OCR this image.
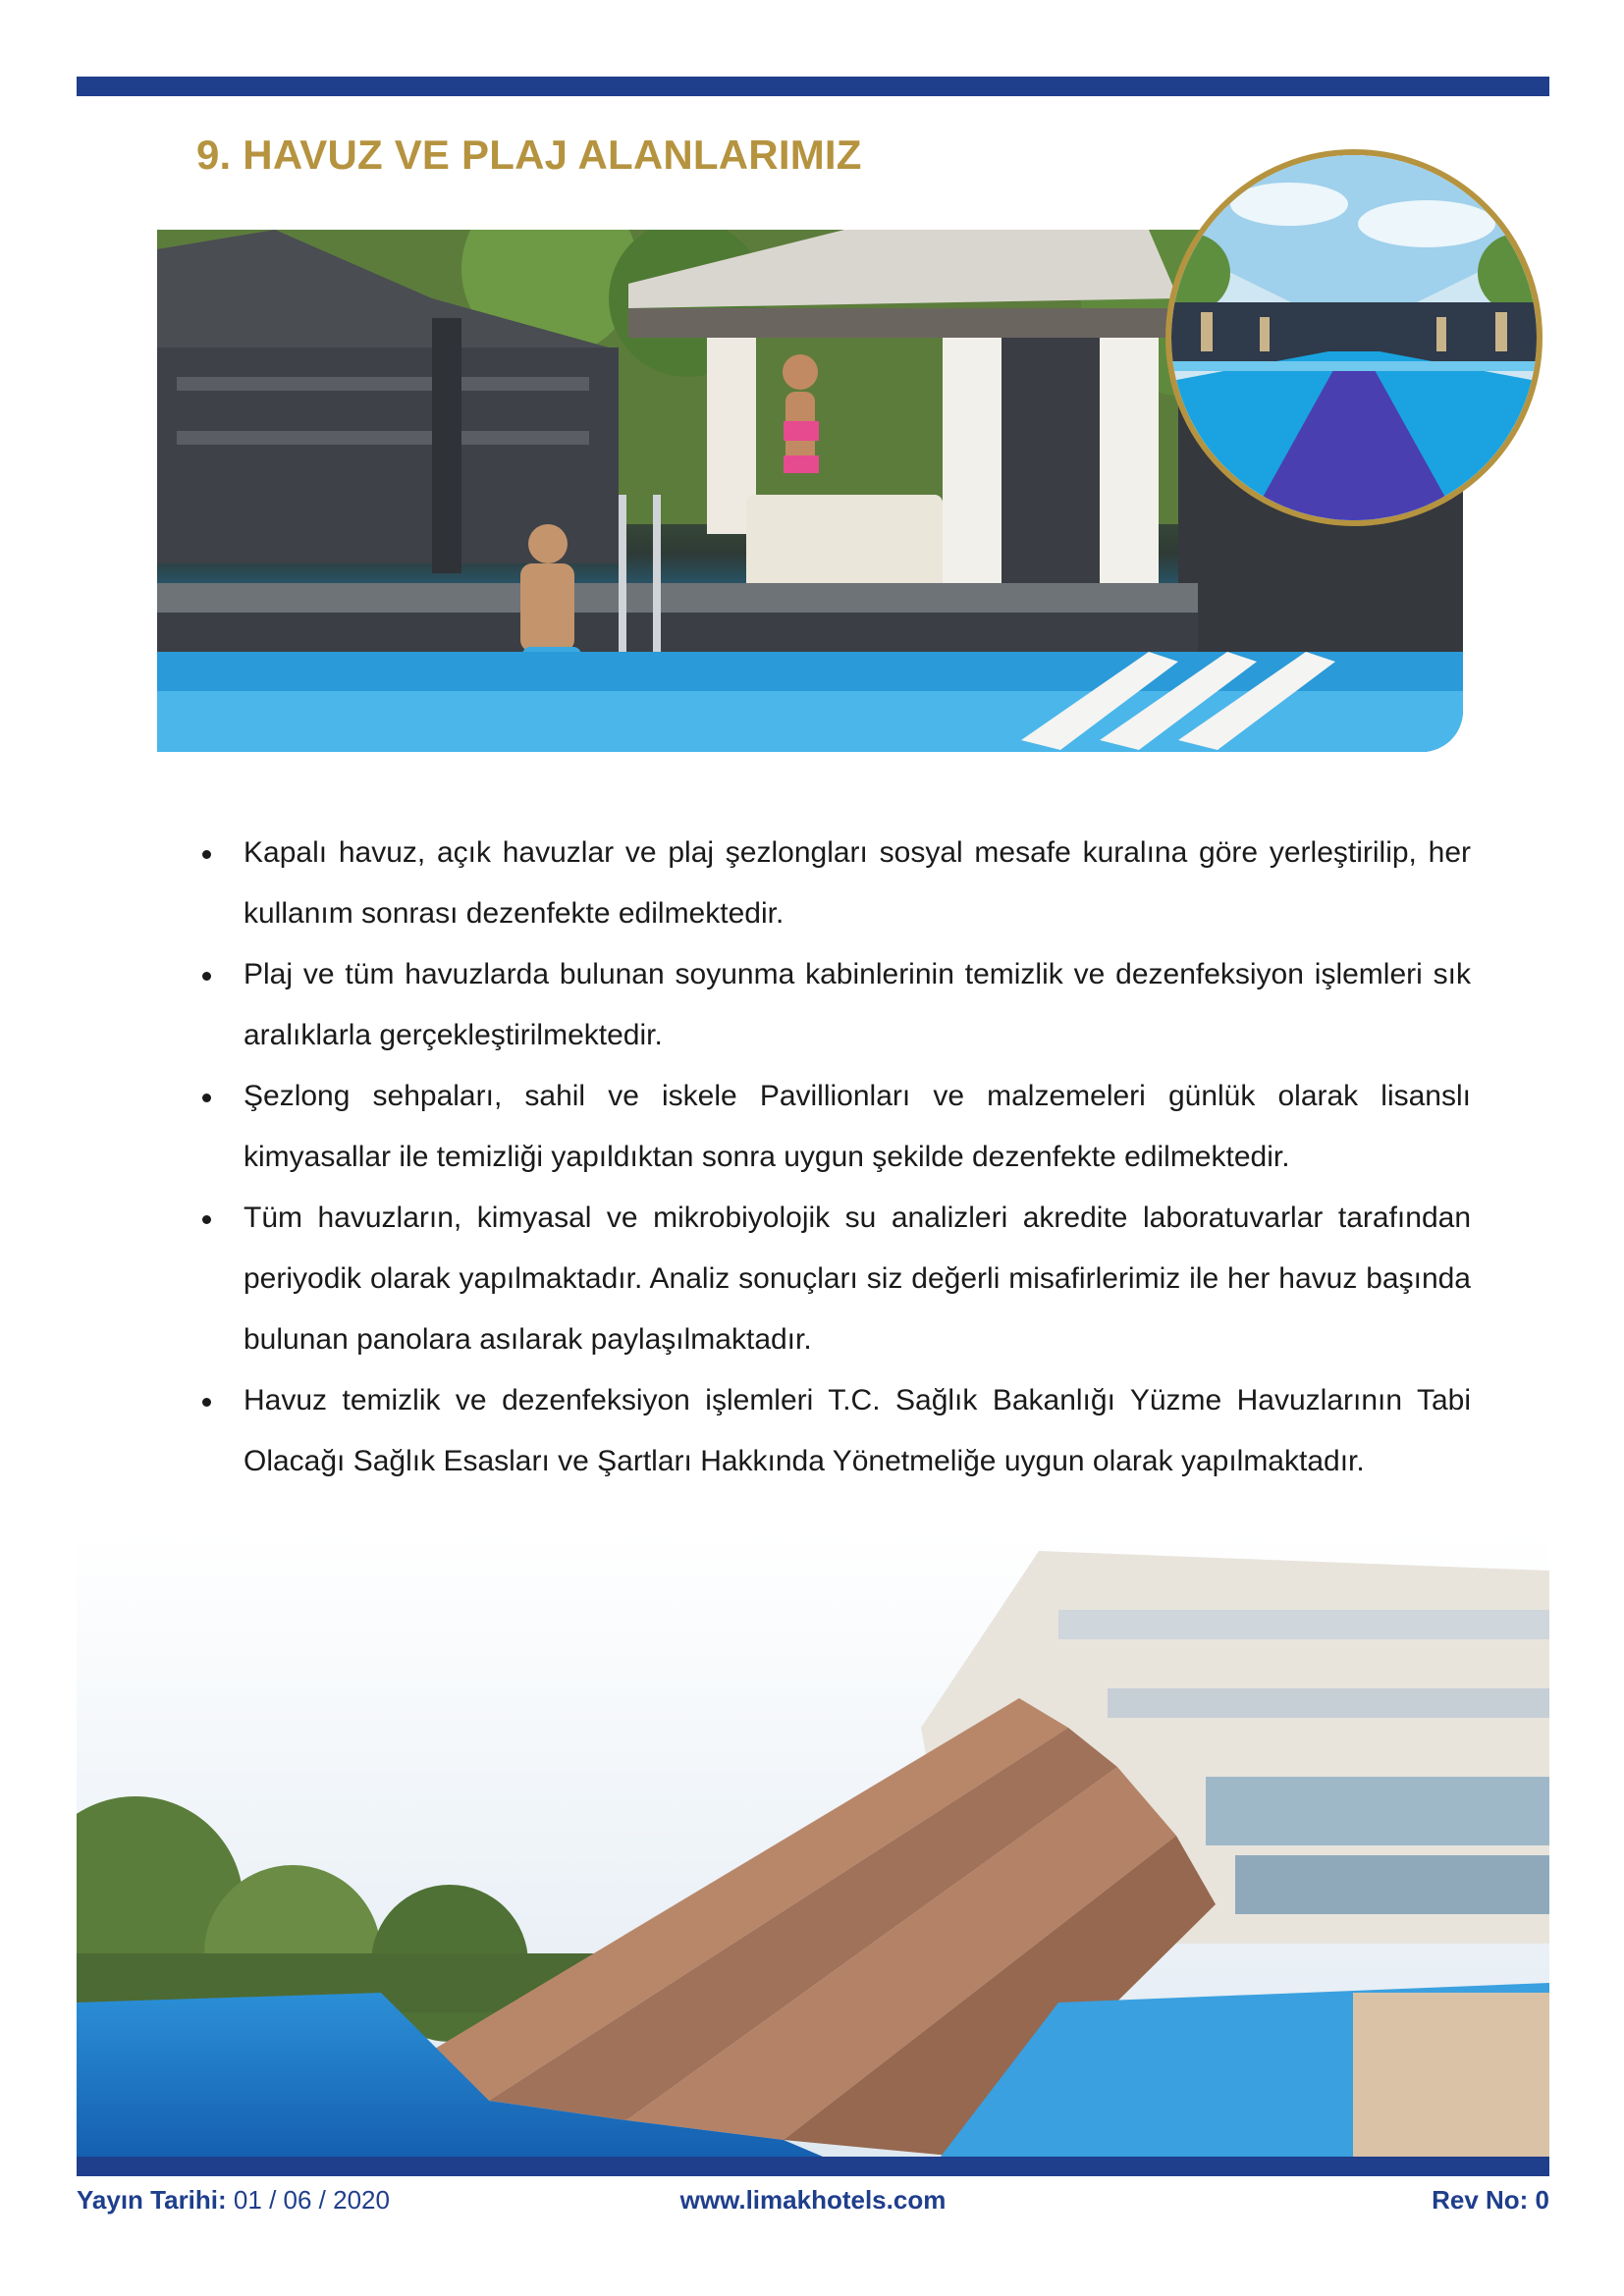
9. HAVUZ VE PLAJ ALANLARIMIZ
Kapalı havuz, açık havuzlar ve plaj şezlongları sosyal mesafe kuralına göre yerleştirilip, her kullanım sonrası dezenfekte edilmektedir.
Plaj ve tüm havuzlarda bulunan soyunma kabinlerinin temizlik ve dezenfeksiyon işlemleri sık aralıklarla gerçekleştirilmektedir.
Şezlong sehpaları, sahil ve iskele Pavillionları ve malzemeleri günlük olarak lisanslı kimyasallar ile temizliği yapıldıktan sonra uygun şekilde dezenfekte edilmektedir.
Tüm havuzların, kimyasal ve mikrobiyolojik su analizleri akredite laboratuvarlar tarafından periyodik olarak yapılmaktadır. Analiz sonuçları siz değerli misafirlerimiz ile her havuz başında bulunan panolara asılarak paylaşılmaktadır.
Havuz temizlik ve dezenfeksiyon işlemleri T.C. Sağlık Bakanlığı Yüzme Havuzlarının Tabi Olacağı Sağlık Esasları ve Şartları Hakkında Yönetmeliğe uygun olarak yapılmaktadır.
Yayın Tarihi: 01 / 06 / 2020	www.limakhotels.com	Rev No: 0
